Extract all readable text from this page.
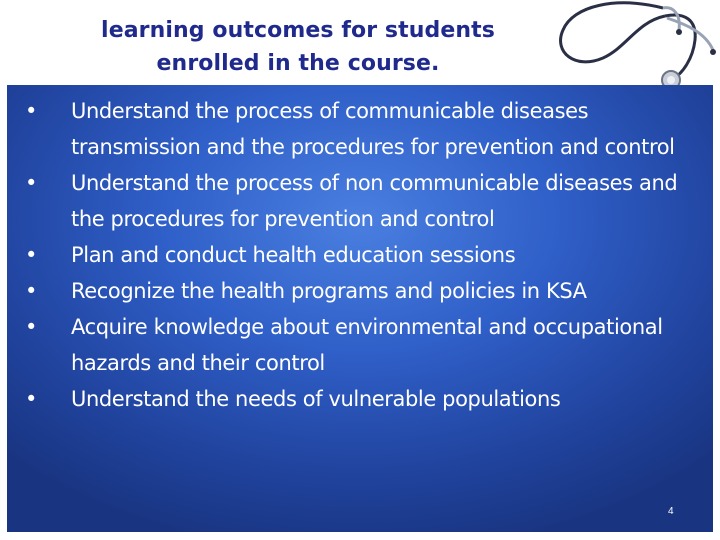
learning outcomes for students
enrolled in the course.
• Understand the process of communicable diseases transmission and the procedures for prevention and control
• Understand the process of non communicable diseases and the procedures for prevention and control
• Plan and conduct health education sessions
• Recognize the health programs and policies in KSA
• Acquire knowledge about environmental and occupational hazards and their control
• Understand the needs of vulnerable populations
4
